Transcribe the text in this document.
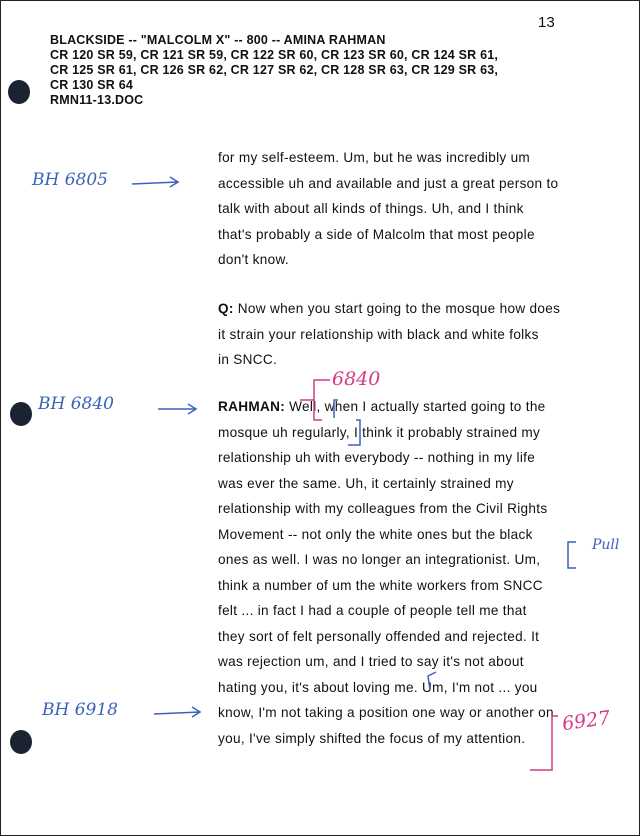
13
BLACKSIDE -- "MALCOLM X" -- 800 -- AMINA RAHMAN
CR 120 SR 59, CR 121 SR 59, CR 122 SR 60, CR 123 SR 60, CR 124 SR 61,
CR 125 SR 61, CR 126 SR 62, CR 127 SR 62, CR 128 SR 63, CR 129 SR 63,
CR 130 SR 64
RMN11-13.DOC

for my self-esteem. Um, but he was incredibly um

accessible uh and available and just a great person to

talk with about all kinds of things. Uh, and I think

that's probably a side of Malcolm that most people

don't know.

Q: Now when you start going to the mosque how does

it strain your relationship with black and white folks

in SNCC.

RAHMAN: Well, when I actually started going to the

mosque uh regularly, I think it probably strained my

relationship uh with everybody -- nothing in my life

was ever the same. Uh, it certainly strained my

relationship with my colleagues from the Civil Rights

Movement -- not only the white ones but the black

ones as well. I was no longer an integrationist. Um,

think a number of um the white workers from SNCC

felt ... in fact I had a couple of people tell me that

they sort of felt personally offended and rejected. It

was rejection um, and I tried to say it's not about

hating you, it's about loving me. Um, I'm not ... you

know, I'm not taking a position one way or another on

you, I've simply shifted the focus of my attention.

BH 6805
BH 6840
BH 6918
6840
6927
Pull
